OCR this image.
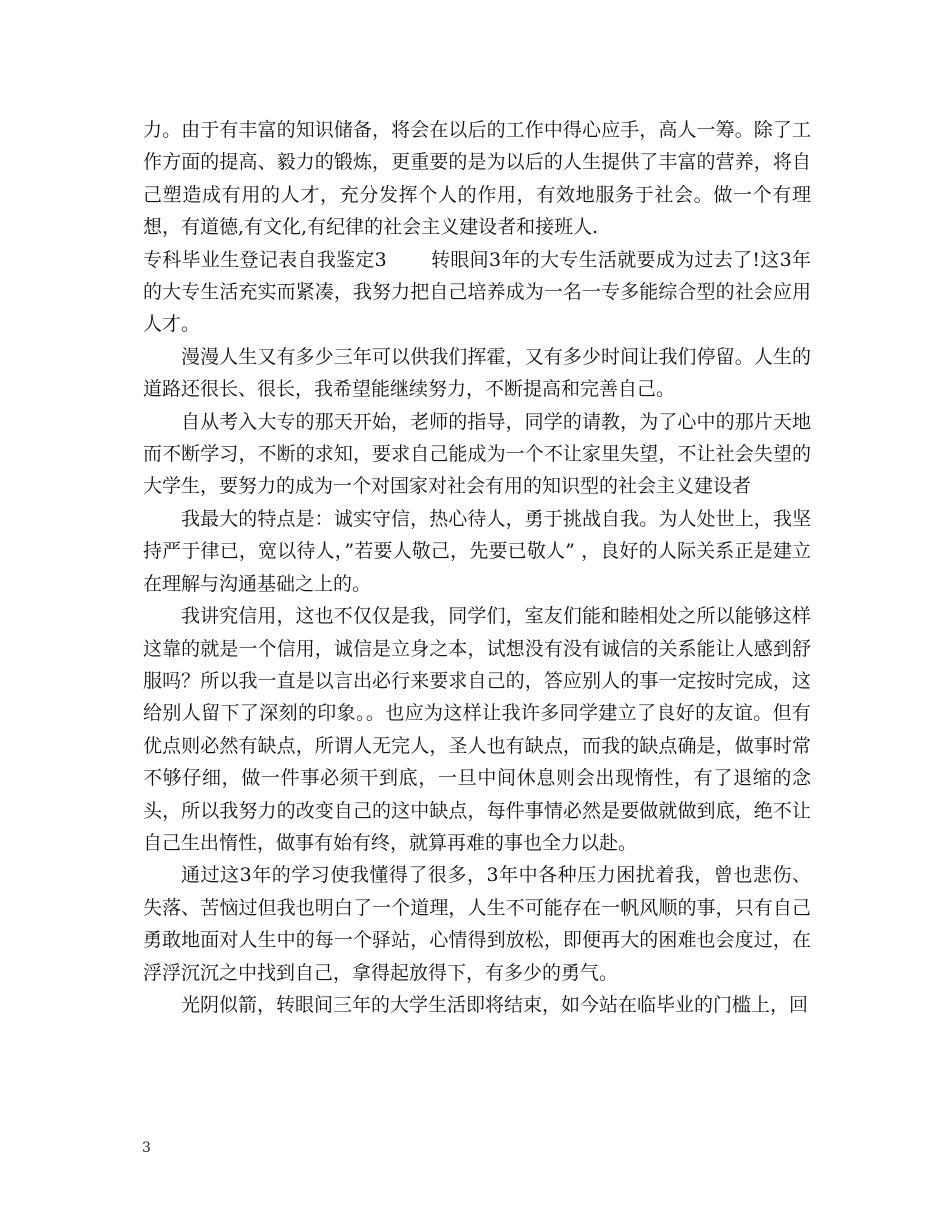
力。由于有丰富的知识储备，将会在以后的工作中得心应手，高人一筹。除了工作方面的提高、毅力的锻炼，更重要的是为以后的人生提供了丰富的营养，将自己塑造成有用的人才，充分发挥个人的作用，有效地服务于社会。做一个有理想，有道德,有文化,有纪律的社会主义建设者和接班人.

专科毕业生登记表自我鉴定3 转眼间3年的大专生活就要成为过去了!这3年的大专生活充实而紧凑，我努力把自己培养成为一名一专多能综合型的社会应用人才。

漫漫人生又有多少三年可以供我们挥霍，又有多少时间让我们停留。人生的道路还很长、很长，我希望能继续努力，不断提高和完善自己。

自从考入大专的那天开始，老师的指导，同学的请教，为了心中的那片天地而不断学习，不断的求知，要求自己能成为一个不让家里失望，不让社会失望的大学生，要努力的成为一个对国家对社会有用的知识型的社会主义建设者

我最大的特点是：诚实守信，热心待人，勇于挑战自我。为人处世上，我坚持严于律已，宽以待人，”若要人敬己，先要已敬人” ，良好的人际关系正是建立在理解与沟通基础之上的。

我讲究信用，这也不仅仅是我，同学们，室友们能和睦相处之所以能够这样这靠的就是一个信用，诚信是立身之本，试想没有没有诚信的关系能让人感到舒服吗？所以我一直是以言出必行来要求自己的，答应别人的事一定按时完成，这给别人留下了深刻的印象。。也应为这样让我许多同学建立了良好的友谊。但有优点则必然有缺点，所谓人无完人，圣人也有缺点，而我的缺点确是，做事时常不够仔细，做一件事必须干到底，一旦中间休息则会出现惰性，有了退缩的念头，所以我努力的改变自己的这中缺点，每件事情必然是要做就做到底，绝不让自己生出惰性，做事有始有终，就算再难的事也全力以赴。

通过这3年的学习使我懂得了很多，3年中各种压力困扰着我，曾也悲伤、失落、苦恼过但我也明白了一个道理，人生不可能存在一帆风顺的事，只有自己勇敢地面对人生中的每一个驿站，心情得到放松，即便再大的困难也会度过，在浮浮沉沉之中找到自己，拿得起放得下，有多少的勇气。

光阴似箭，转眼间三年的大学生活即将结束，如今站在临毕业的门槛上，回

3
